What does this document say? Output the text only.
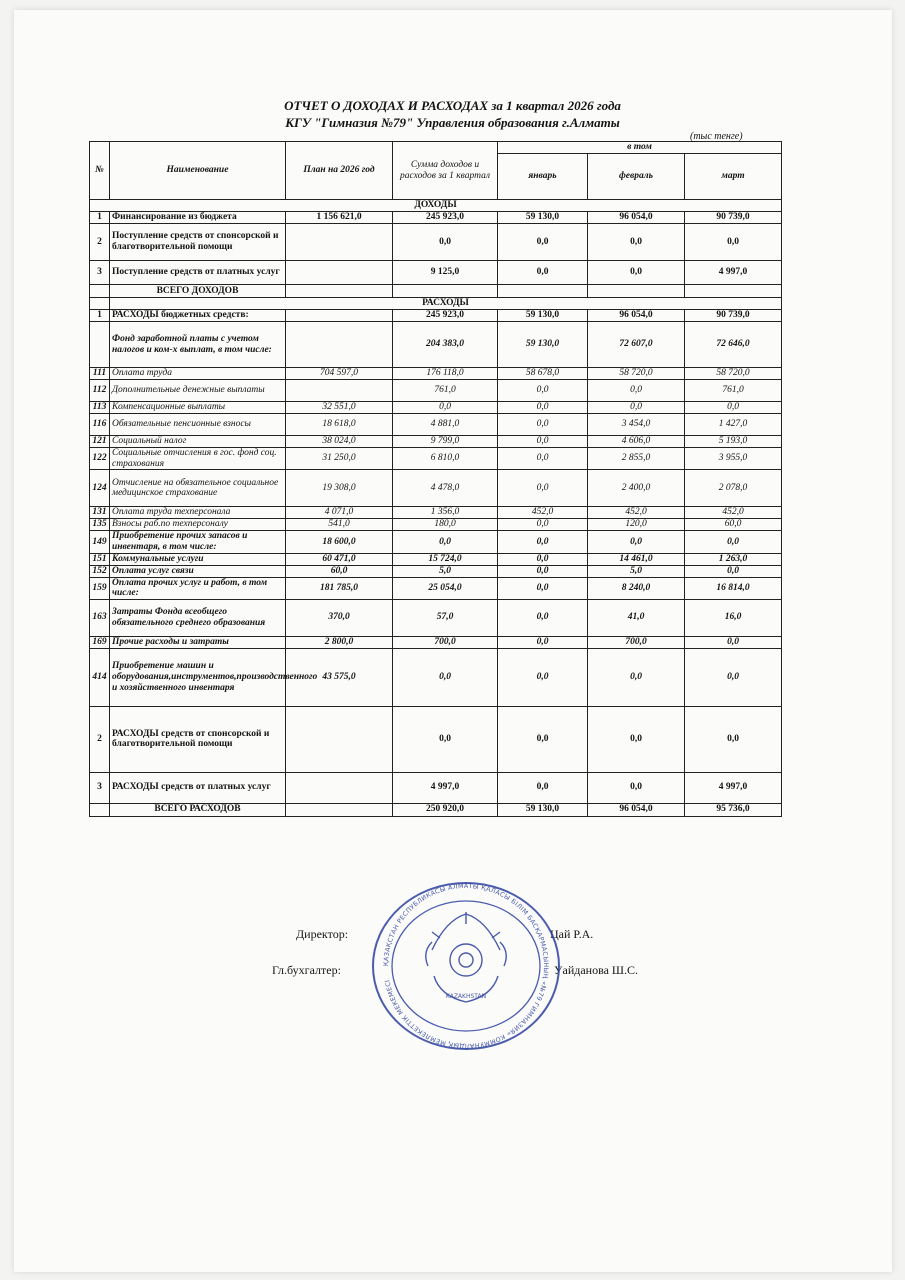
ОТЧЕТ О ДОХОДАХ И РАСХОДАХ за 1 квартал 2026 года
КГУ "Гимназия №79" Управления образования г.Алматы
(тыс тенге)
№	Наименование	План на 2026 год	Сумма доходов и расходов за 1 квартал	в том		
				январь	февраль	март
ДОХОДЫ						
1	Финансирование из бюджета	1 156 621,0	245 923,0	59 130,0	96 054,0	90 739,0
2	Поступление средств от спонсорской и благотворительной помощи		0,0	0,0	0,0	0,0
3	Поступление средств от платных услуг		9 125,0	0,0	0,0	4 997,0
	ВСЕГО ДОХОДОВ					
	РАСХОДЫ					
1	РАСХОДЫ бюджетных средств:		245 923,0	59 130,0	96 054,0	90 739,0
	Фонд заработной платы с учетом налогов и ком-х выплат, в том числе:		204 383,0	59 130,0	72 607,0	72 646,0
111	Оплата труда	704 597,0	176 118,0	58 678,0	58 720,0	58 720,0
112	Дополнительные денежные выплаты		761,0	0,0	0,0	761,0
113	Компенсационные выплаты	32 551,0	0,0	0,0	0,0	0,0
116	Обязательные пенсионные взносы	18 618,0	4 881,0	0,0	3 454,0	1 427,0
121	Социальный налог	38 024,0	9 799,0	0,0	4 606,0	5 193,0
122	Социальные отчисления в гос. фонд соц. страхования	31 250,0	6 810,0	0,0	2 855,0	3 955,0
124	Отчисление на обязательное социальное медицинское страхование	19 308,0	4 478,0	0,0	2 400,0	2 078,0
131	Оплата труда техперсонала	4 071,0	1 356,0	452,0	452,0	452,0
135	Взносы раб.по техперсоналу	541,0	180,0	0,0	120,0	60,0
149	Приобретение прочих запасов и инвентаря, в том числе:	18 600,0	0,0	0,0	0,0	0,0
151	Коммунальные услуги	60 471,0	15 724,0	0,0	14 461,0	1 263,0
152	Оплата услуг связи	60,0	5,0	0,0	5,0	0,0
159	Оплата прочих услуг и работ, в том числе:	181 785,0	25 054,0	0,0	8 240,0	16 814,0
163	Затраты Фонда всеобщего обязательного среднего образования	370,0	57,0	0,0	41,0	16,0
169	Прочие расходы и затраты	2 800,0	700,0	0,0	700,0	0,0
414	Приобретение машин и оборудования,инструментов,производственного и хозяйственного инвентаря	43 575,0	0,0	0,0	0,0	0,0
2	РАСХОДЫ средств от спонсорской и благотворительной помощи		0,0	0,0	0,0	0,0
3	РАСХОДЫ средств от платных услуг		4 997,0	0,0	0,0	4 997,0
	ВСЕГО РАСХОДОВ		250 920,0	59 130,0	96 054,0	95 736,0
Директор:	Цай Р.А.
Гл.бухгалтер:	Уайданова Ш.С.
ҚАЗАҚСТАН РЕСПУБЛИКАСЫ АЛМАТЫ ҚАЛАСЫ БІЛІМ БАСҚАРМАСЫНЫҢ «№79 ГИМНАЗИЯ» КОММУНАЛДЫҚ МЕМЛЕКЕТТІК МЕКЕМЕСІ
KAZAKHSTAN
